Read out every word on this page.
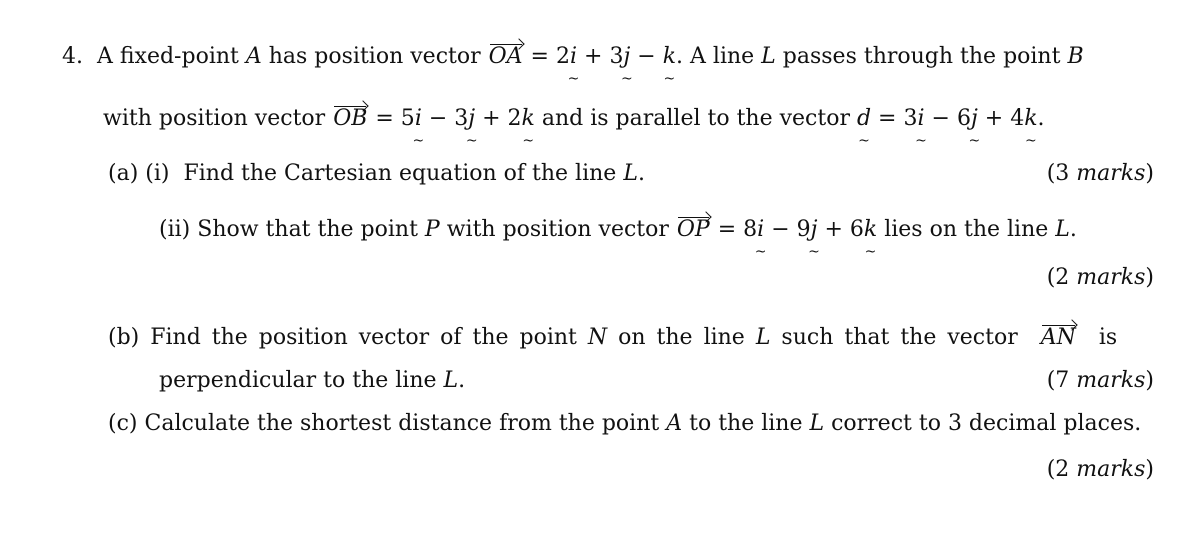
4.  A fixed-point A has position vector OA = 2i ~ + 3j ~ − k ~. A line L passes through the point B
with position vector OB = 5i ~ − 3j ~ + 2k ~ and is parallel to the vector d ~ = 3i ~ − 6j ~ + 4k ~.
(a) (i)  Find the Cartesian equation of the line L.	(3 marks)
(ii) Show that the point P with position vector OP = 8i ~ − 9j ~ + 6k ~ lies on the line L.
(2 marks)
(b) Find the position vector of the point N on the line L such that the vector  AN  is
perpendicular to the line L.	(7 marks)
(c) Calculate the shortest distance from the point A to the line L correct to 3 decimal places.
(2 marks)
